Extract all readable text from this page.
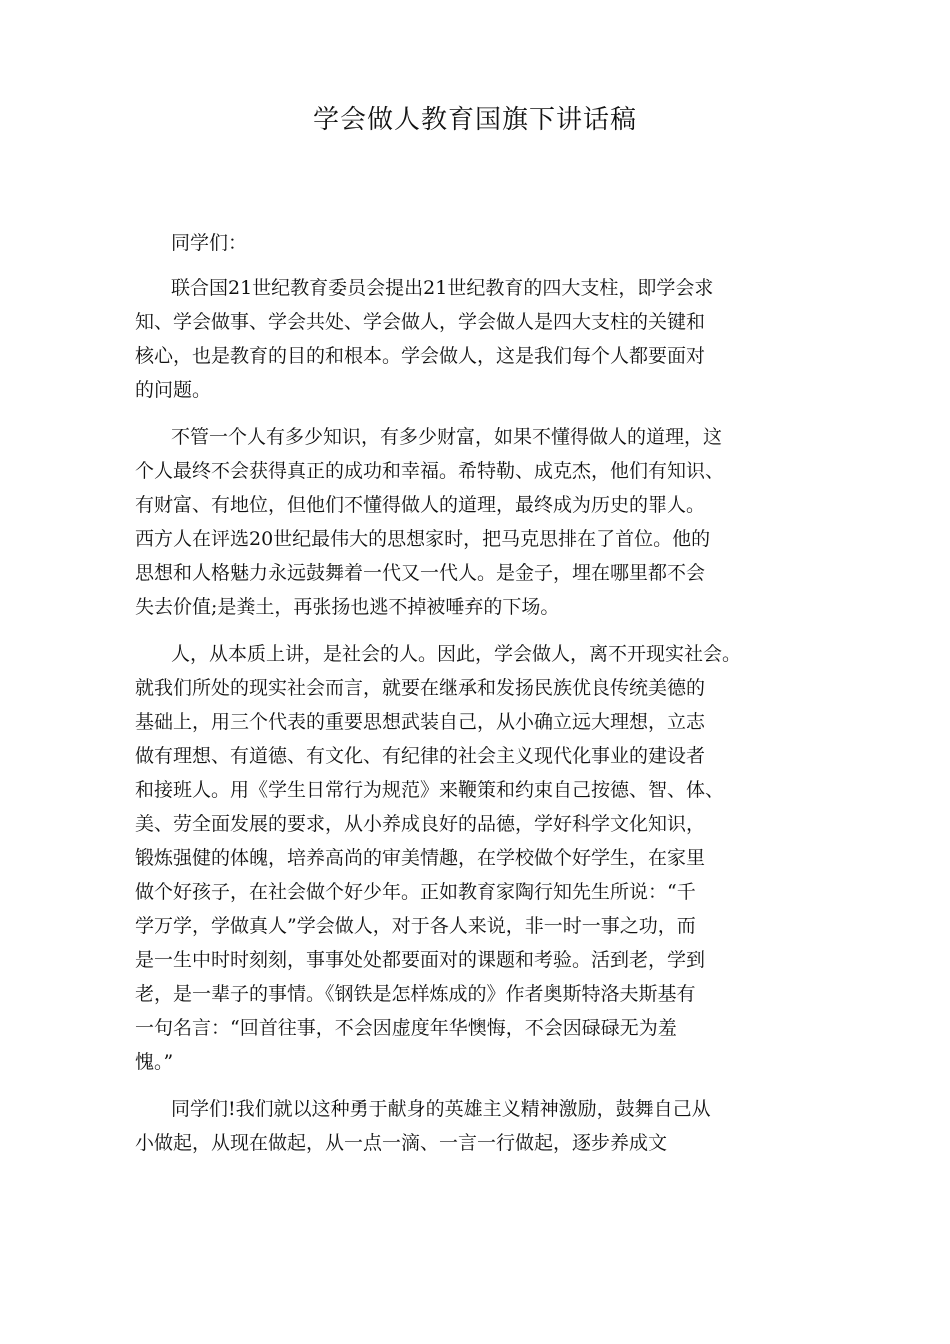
学会做人教育国旗下讲话稿

同学们：

联合国21世纪教育委员会提出21世纪教育的四大支柱，即学会求
知、学会做事、学会共处、学会做人，学会做人是四大支柱的关键和
核心，也是教育的目的和根本。学会做人，这是我们每个人都要面对
的问题。

不管一个人有多少知识，有多少财富，如果不懂得做人的道理，这
个人最终不会获得真正的成功和幸福。希特勒、成克杰，他们有知识、
有财富、有地位，但他们不懂得做人的道理，最终成为历史的罪人。
西方人在评选20世纪最伟大的思想家时，把马克思排在了首位。他的
思想和人格魅力永远鼓舞着一代又一代人。是金子，埋在哪里都不会
失去价值;是粪土，再张扬也逃不掉被唾弃的下场。

人，从本质上讲，是社会的人。因此，学会做人，离不开现实社会。
就我们所处的现实社会而言，就要在继承和发扬民族优良传统美德的
基础上，用三个代表的重要思想武装自己，从小确立远大理想，立志
做有理想、有道德、有文化、有纪律的社会主义现代化事业的建设者
和接班人。用《学生日常行为规范》来鞭策和约束自己按德、智、体、
美、劳全面发展的要求，从小养成良好的品德，学好科学文化知识，
锻炼强健的体魄，培养高尚的审美情趣，在学校做个好学生，在家里
做个好孩子，在社会做个好少年。正如教育家陶行知先生所说：“千
学万学，学做真人”学会做人，对于各人来说，非一时一事之功，而
是一生中时时刻刻，事事处处都要面对的课题和考验。活到老，学到
老，是一辈子的事情。《钢铁是怎样炼成的》作者奥斯特洛夫斯基有
一句名言：“回首往事，不会因虚度年华懊悔，不会因碌碌无为羞
愧。”

同学们!我们就以这种勇于献身的英雄主义精神激励，鼓舞自己从
小做起，从现在做起，从一点一滴、一言一行做起，逐步养成文
